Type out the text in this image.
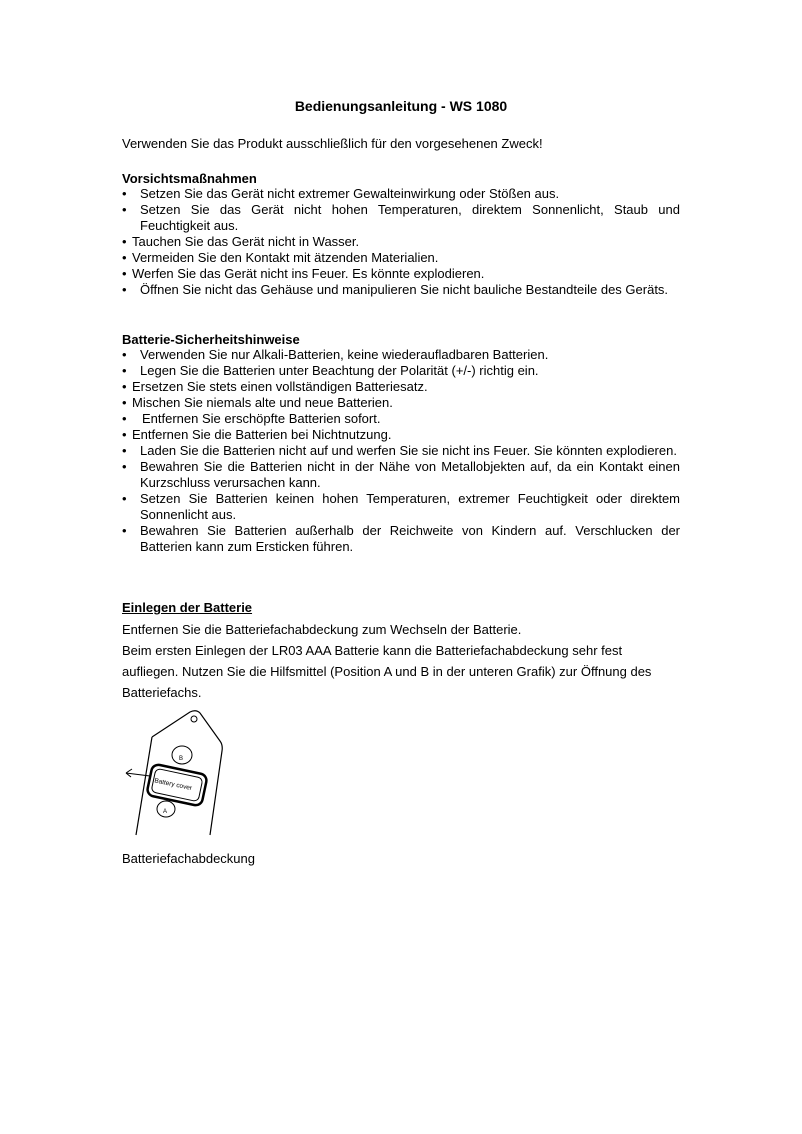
Bedienungsanleitung - WS 1080
Verwenden Sie das Produkt ausschließlich für den vorgesehenen Zweck!

Vorsichtsmaßnahmen

• Setzen Sie das Gerät nicht extremer Gewalteinwirkung oder Stößen aus.
• Setzen Sie das Gerät nicht hohen Temperaturen, direktem Sonnenlicht, Staub und Feuchtigkeit aus.
• Tauchen Sie das Gerät nicht in Wasser.
• Vermeiden Sie den Kontakt mit ätzenden Materialien.
• Werfen Sie das Gerät nicht ins Feuer. Es könnte explodieren.
• Öffnen Sie nicht das Gehäuse und manipulieren Sie nicht bauliche Bestandteile des Geräts.

Batterie-Sicherheitshinweise

• Verwenden Sie nur Alkali-Batterien, keine wiederaufladbaren Batterien.
• Legen Sie die Batterien unter Beachtung der Polarität (+/-) richtig ein.
• Ersetzen Sie stets einen vollständigen Batteriesatz.
• Mischen Sie niemals alte und neue Batterien.
• Entfernen Sie erschöpfte Batterien sofort.
• Entfernen Sie die Batterien bei Nichtnutzung.
• Laden Sie die Batterien nicht auf und werfen Sie sie nicht ins Feuer. Sie könnten explodieren.
• Bewahren Sie die Batterien nicht in der Nähe von Metallobjekten auf, da ein Kontakt einen Kurzschluss verursachen kann.
• Setzen Sie Batterien keinen hohen Temperaturen, extremer Feuchtigkeit oder direktem Sonnenlicht aus.
• Bewahren Sie Batterien außerhalb der Reichweite von Kindern auf. Verschlucken der Batterien kann zum Ersticken führen.

Einlegen der Batterie

Entfernen Sie die Batteriefachabdeckung zum Wechseln der Batterie.

Beim ersten Einlegen der LR03 AAA Batterie kann die Batteriefachabdeckung sehr fest aufliegen. Nutzen Sie die Hilfsmittel (Position A und B in der unteren Grafik) zur Öffnung des Batteriefachs.

B
A
Battery cover
Batteriefachabdeckung
